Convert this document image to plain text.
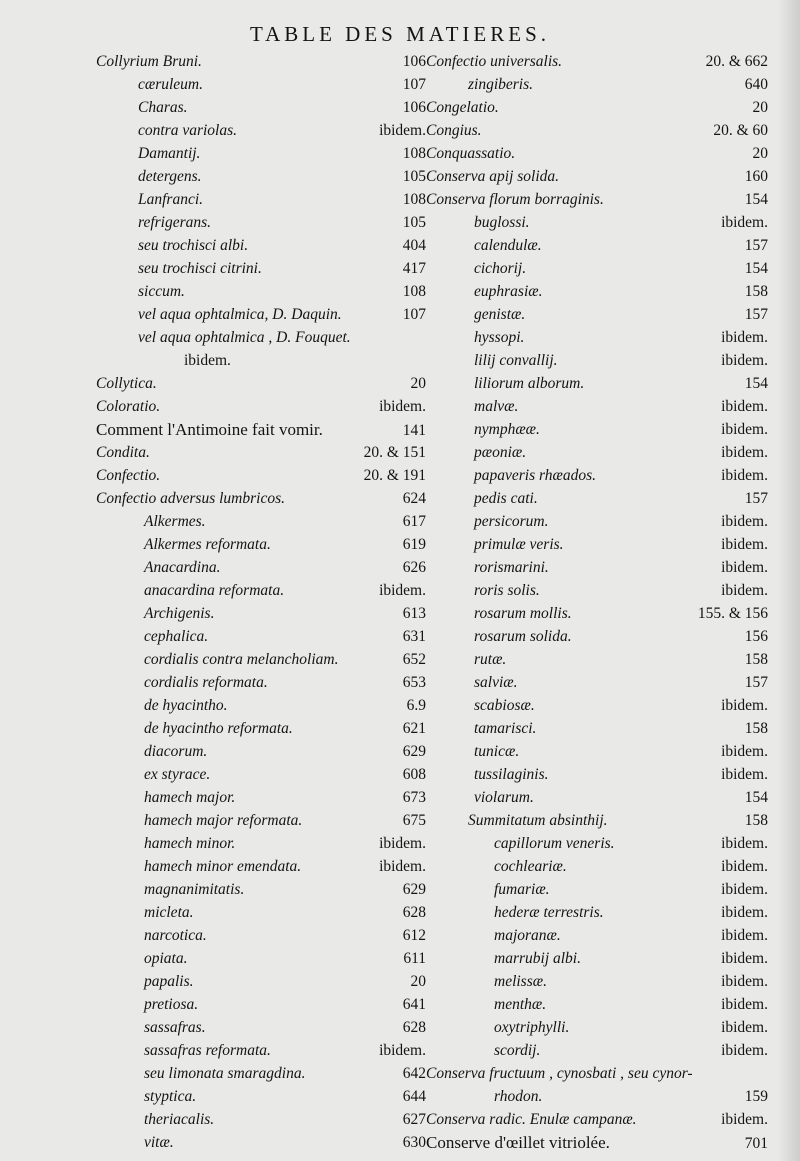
TABLE DES MATIERES.
Collyrium Bruni.	106
cæruleum.	107
Charas.	106
contra variolas.	ibidem.
Damantij.	108
detergens.	105
Lanfranci.	108
refrigerans.	105
seu trochisci albi.	404
seu trochisci citrini.	417
siccum.	108
vel aqua ophtalmica, D. Daquin.	107
vel aqua ophtalmica , D. Fouquet.
ibidem.
Collytica.	20
Coloratio.	ibidem.
Comment l'Antimoine fait vomir.	141
Condita.	20. & 151
Confectio.	20. & 191
Confectio adversus lumbricos.	624
Alkermes.	617
Alkermes reformata.	619
Anacardina.	626
anacardina reformata.	ibidem.
Archigenis.	613
cephalica.	631
cordialis contra melancholiam.	652
cordialis reformata.	653
de hyacintho.	6.9
de hyacintho reformata.	621
diacorum.	629
ex styrace.	608
hamech major.	673
hamech major reformata.	675
hamech minor.	ibidem.
hamech minor emendata.	ibidem.
magnanimitatis.	629
micleta.	628
narcotica.	612
opiata.	611
papalis.	20
pretiosa.	641
sassafras.	628
sassafras reformata.	ibidem.
seu limonata smaragdina.	642
styptica.	644
theriacalis.	627
vitæ.	630
Confectio universalis.	20. & 662
zingiberis.	640
Congelatio.	20
Congius.	20. & 60
Conquassatio.	20
Conserva apij solida.	160
Conserva florum borraginis.	154
buglossi.	ibidem.
calendulæ.	157
cichorij.	154
euphrasiæ.	158
genistæ.	157
hyssopi.	ibidem.
lilij convallij.	ibidem.
liliorum alborum.	154
malvæ.	ibidem.
nymphææ.	ibidem.
pæoniæ.	ibidem.
papaveris rhæados.	ibidem.
pedis cati.	157
persicorum.	ibidem.
primulæ veris.	ibidem.
rorismarini.	ibidem.
roris solis.	ibidem.
rosarum mollis.	155. & 156
rosarum solida.	156
rutæ.	158
salviæ.	157
scabiosæ.	ibidem.
tamarisci.	158
tunicæ.	ibidem.
tussilaginis.	ibidem.
violarum.	154
Summitatum absinthij.	158
capillorum veneris.	ibidem.
cochleariæ.	ibidem.
fumariæ.	ibidem.
hederæ terrestris.	ibidem.
majoranæ.	ibidem.
marrubij albi.	ibidem.
melissæ.	ibidem.
menthæ.	ibidem.
oxytriphylli.	ibidem.
scordij.	ibidem.
Conserva fructuum , cynosbati , seu cynor-
rhodon.	159
Conserva radic. Enulæ campanæ.	ibidem.
Conserve d'œillet vitriolée.	701
